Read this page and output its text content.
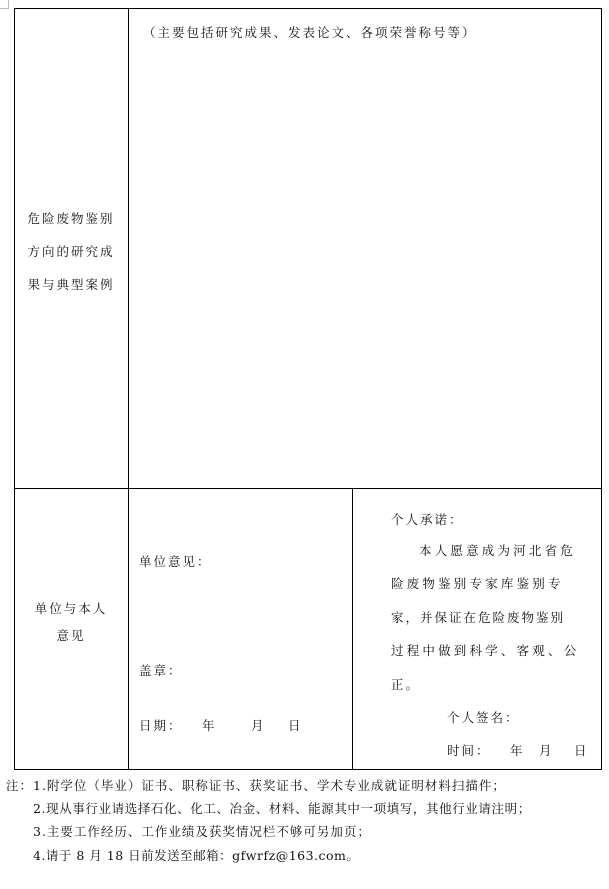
危险废物鉴别
方向的研究成
果与典型案例
（主要包括研究成果、发表论文、各项荣誉称号等）
单位与本人
意见
单位意见：
盖章：
日期： 年	月 日
个人承诺：
本人愿意成为河北省危
险废物鉴别专家库鉴别专
家，并保证在危险废物鉴别
过程中做到科学、客观、公
正。
个人签名：
时间： 年 月 日
注： 1.附学位（毕业）证书、职称证书、获奖证书、学术专业成就证明材料扫描件；
2.现从事行业请选择石化、化工、冶金、材料、能源其中一项填写，其他行业请注明；
3.主要工作经历、工作业绩及获奖情况栏不够可另加页；
4.请于 8 月 18 日前发送至邮箱：gfwrfz@163.com。
